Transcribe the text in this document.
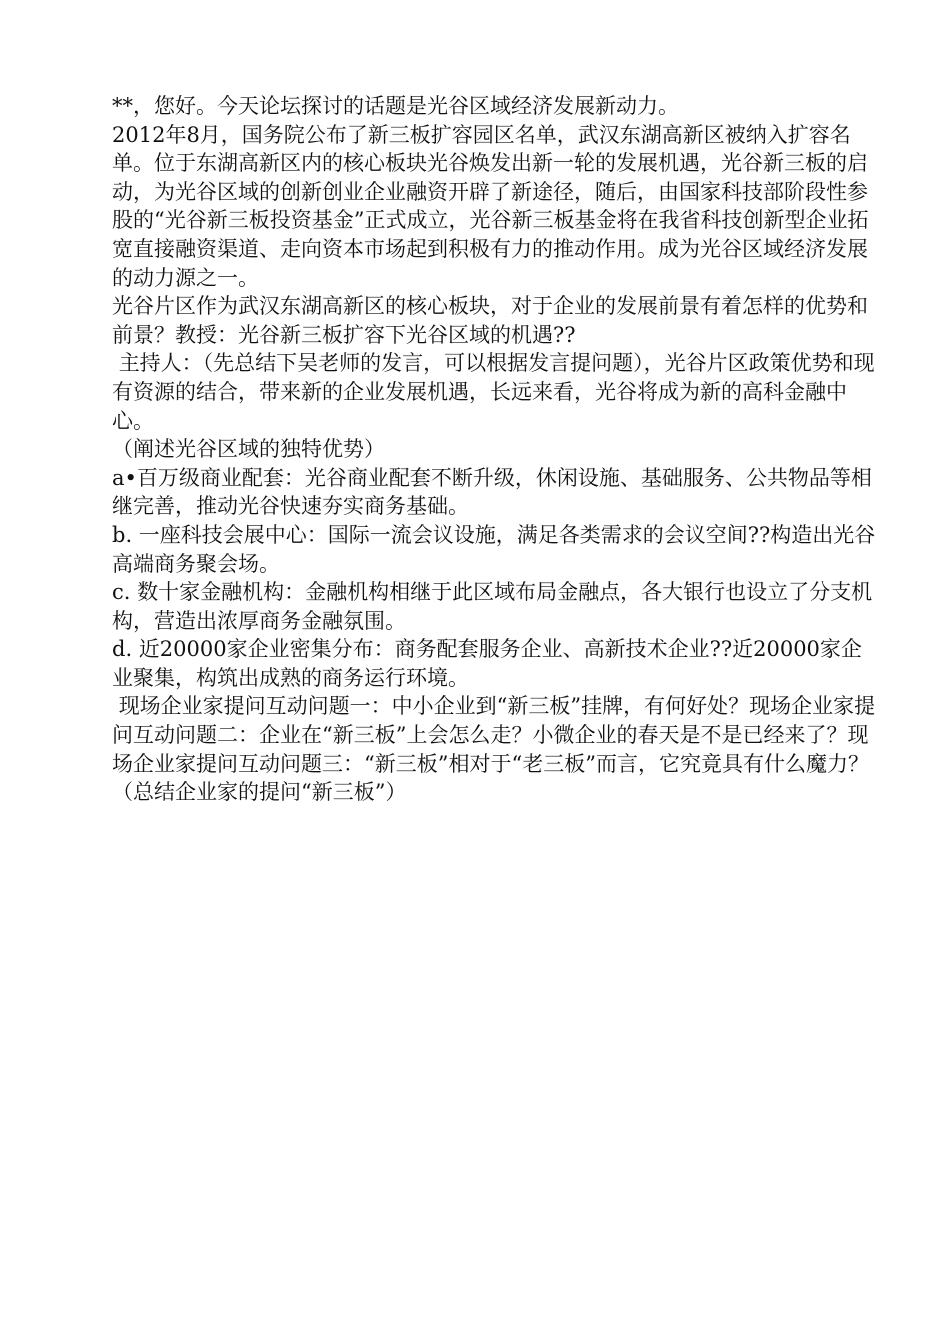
**，您好。今天论坛探讨的话题是光谷区域经济发展新动力。

2012年8月，国务院公布了新三板扩容园区名单，武汉东湖高新区被纳入扩容名单。位于东湖高新区内的核心板块光谷焕发出新一轮的发展机遇，光谷新三板的启动，为光谷区域的创新创业企业融资开辟了新途径，随后，由国家科技部阶段性参股的“光谷新三板投资基金”正式成立，光谷新三板基金将在我省科技创新型企业拓宽直接融资渠道、走向资本市场起到积极有力的推动作用。成为光谷区域经济发展的动力源之一。

光谷片区作为武汉东湖高新区的核心板块，对于企业的发展前景有着怎样的优势和前景？教授：光谷新三板扩容下光谷区域的机遇??

主持人：（先总结下吴老师的发言，可以根据发言提问题），光谷片区政策优势和现有资源的结合，带来新的企业发展机遇，长远来看，光谷将成为新的高科金融中心。

（阐述光谷区域的独特优势）

a•百万级商业配套：光谷商业配套不断升级，休闲设施、基础服务、公共物品等相继完善，推动光谷快速夯实商务基础。

b. 一座科技会展中心：国际一流会议设施，满足各类需求的会议空间??构造出光谷高端商务聚会场。

c. 数十家金融机构：金融机构相继于此区域布局金融点，各大银行也设立了分支机构，营造出浓厚商务金融氛围。

d. 近20000家企业密集分布：商务配套服务企业、高新技术企业??近20000家企业聚集，构筑出成熟的商务运行环境。

现场企业家提问互动问题一：中小企业到“新三板”挂牌，有何好处？现场企业家提问互动问题二：企业在“新三板”上会怎么走？小微企业的春天是不是已经来了？现场企业家提问互动问题三：“新三板”相对于“老三板”而言，它究竟具有什么魔力？

（总结企业家的提问“新三板”）
